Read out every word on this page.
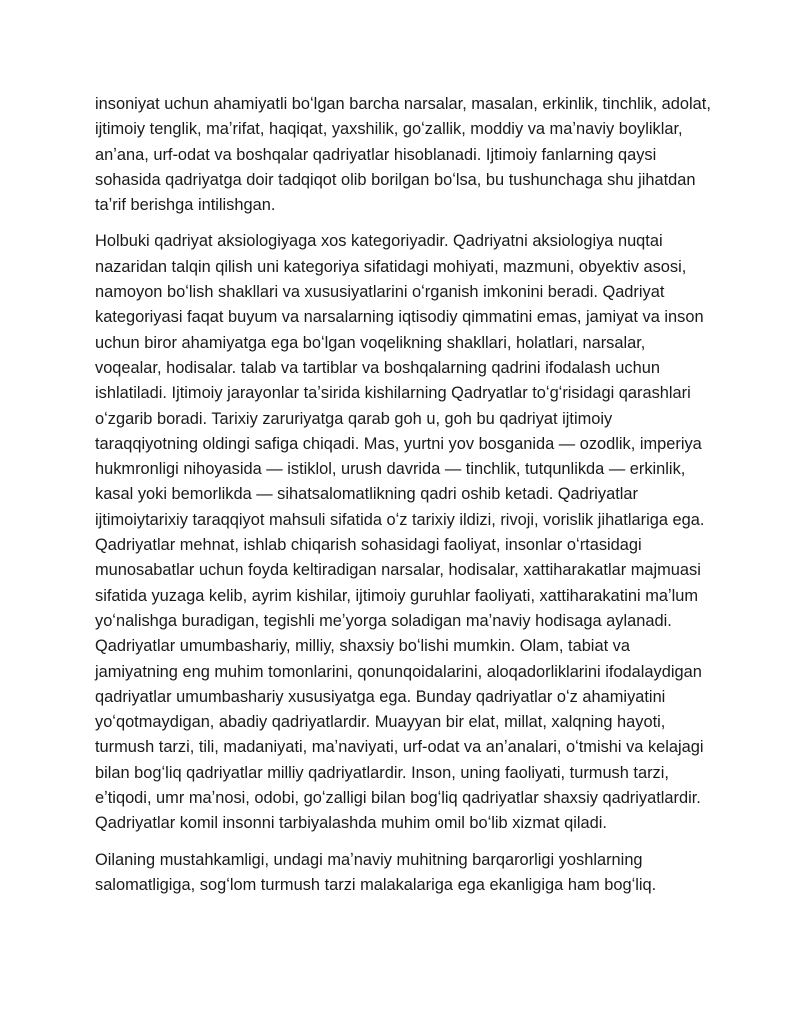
insoniyat uchun ahamiyatli boʻlgan barcha narsalar, masalan, erkinlik, tinchlik, adolat, ijtimoiy tenglik, maʼrifat, haqiqat, yaxshilik, goʻzallik, moddiy va maʼnaviy boyliklar, anʼana, urf-odat va boshqalar qadriyatlar hisoblanadi. Ijtimoiy fanlarning qaysi sohasida qadriyatga doir tadqiqot olib borilgan boʻlsa, bu tushunchaga shu jihatdan taʼrif berishga intilishgan.

Holbuki qadriyat aksiologiyaga xos kategoriyadir. Qadriyatni aksiologiya nuqtai nazaridan talqin qilish uni kategoriya sifatidagi mohiyati, mazmuni, obyektiv asosi, namoyon boʻlish shakllari va xususiyatlarini oʻrganish imkonini beradi. Qadriyat kategoriyasi faqat buyum va narsalarning iqtisodiy qimmatini emas, jamiyat va inson uchun biror ahamiyatga ega boʻlgan voqelikning shakllari, holatlari, narsalar, voqealar, hodisalar. talab va tartiblar va boshqalarning qadrini ifodalash uchun ishlatiladi. Ijtimoiy jarayonlar taʼsirida kishilarning Qadryatlar toʻgʻrisidagi qarashlari oʻzgarib boradi. Tarixiy zaruriyatga qarab goh u, goh bu qadriyat ijtimoiy taraqqiyotning oldingi safiga chiqadi. Mas, yurtni yov bosganida — ozodlik, imperiya hukmronligi nihoyasida — istiklol, urush davrida — tinchlik, tutqunlikda — erkinlik, kasal yoki bemorlikda — sihatsalomatlikning qadri oshib ketadi. Qadriyatlar ijtimoiytarixiy taraqqiyot mahsuli sifatida oʻz tarixiy ildizi, rivoji, vorislik jihatlariga ega. Qadriyatlar mehnat, ishlab chiqarish sohasidagi faoliyat, insonlar oʻrtasidagi munosabatlar uchun foyda keltiradigan narsalar, hodisalar, xattiharakatlar majmuasi sifatida yuzaga kelib, ayrim kishilar, ijtimoiy guruhlar faoliyati, xattiharakatini maʼlum yoʻnalishga buradigan, tegishli meʼyorga soladigan maʼnaviy hodisaga aylanadi. Qadriyatlar umumbashariy, milliy, shaxsiy boʻlishi mumkin. Olam, tabiat va jamiyatning eng muhim tomonlarini, qonunqoidalarini, aloqadorliklarini ifodalaydigan qadriyatlar umumbashariy xususiyatga ega. Bunday qadriyatlar oʻz ahamiyatini yoʻqotmaydigan, abadiy qadriyatlardir. Muayyan bir elat, millat, xalqning hayoti, turmush tarzi, tili, madaniyati, maʼnaviyati, urf-odat va anʼanalari, oʻtmishi va kelajagi bilan bogʻliq qadriyatlar milliy qadriyatlardir. Inson, uning faoliyati, turmush tarzi, eʼtiqodi, umr maʼnosi, odobi, goʻzalligi bilan bogʻliq qadriyatlar shaxsiy qadriyatlardir. Qadriyatlar komil insonni tarbiyalashda muhim omil boʻlib xizmat qiladi.

Oilaning mustahkamligi, undagi maʼnaviy muhitning barqarorligi yoshlarning salomatligiga, sogʻlom turmush tarzi malakalariga ega ekanligiga ham bogʻliq.
